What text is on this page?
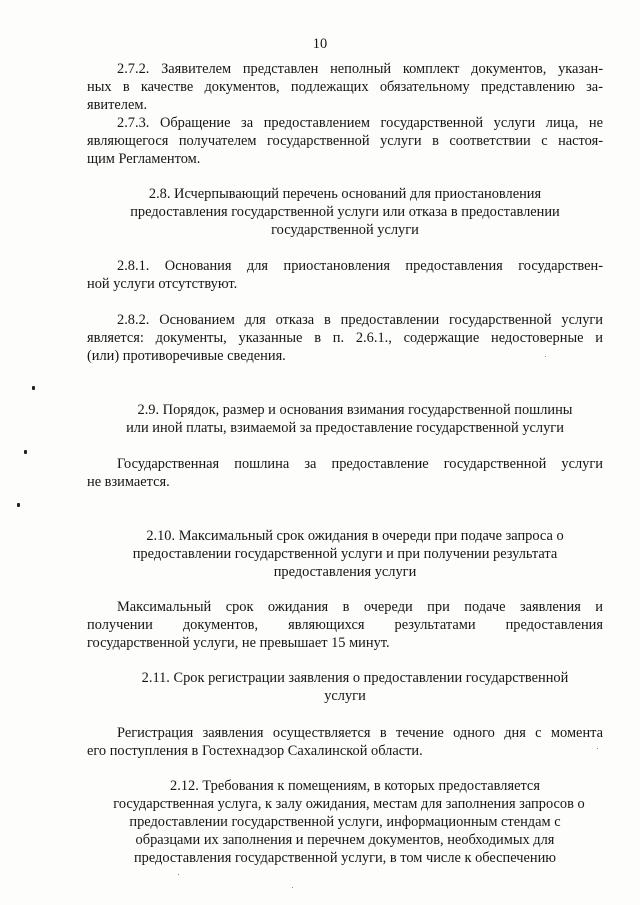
10
2.7.2. Заявителем представлен неполный комплект документов, указан-
ных в качестве документов, подлежащих обязательному представлению за-
явителем.
2.7.3. Обращение за предоставлением государственной услуги лица, не
являющегося получателем государственной услуги в соответствии с настоя-
щим Регламентом.
2.8. Исчерпывающий перечень оснований для приостановления
предоставления государственной услуги или отказа в предоставлении
государственной услуги
2.8.1. Основания для приостановления предоставления государствен-
ной услуги отсутствуют.
2.8.2. Основанием для отказа в предоставлении государственной услуги
является: документы, указанные в п. 2.6.1., содержащие недостоверные и
(или) противоречивые сведения.
2.9. Порядок, размер и основания взимания государственной пошлины
или иной платы, взимаемой за предоставление государственной услуги
Государственная пошлина за предоставление государственной услуги
не взимается.
2.10. Максимальный срок ожидания в очереди при подаче запроса о
предоставлении государственной услуги и при получении результата
предоставления услуги
Максимальный срок ожидания в очереди при подаче заявления и
получении документов, являющихся результатами предоставления
государственной услуги, не превышает 15 минут.
2.11. Срок регистрации заявления о предоставлении государственной
услуги
Регистрация заявления осуществляется в течение одного дня с момента
его поступления в Гостехнадзор Сахалинской области.
2.12. Требования к помещениям, в которых предоставляется
государственная услуга, к залу ожидания, местам для заполнения запросов о
предоставлении государственной услуги, информационным стендам с
образцами их заполнения и перечнем документов, необходимых для
предоставления государственной услуги, в том числе к обеспечению
